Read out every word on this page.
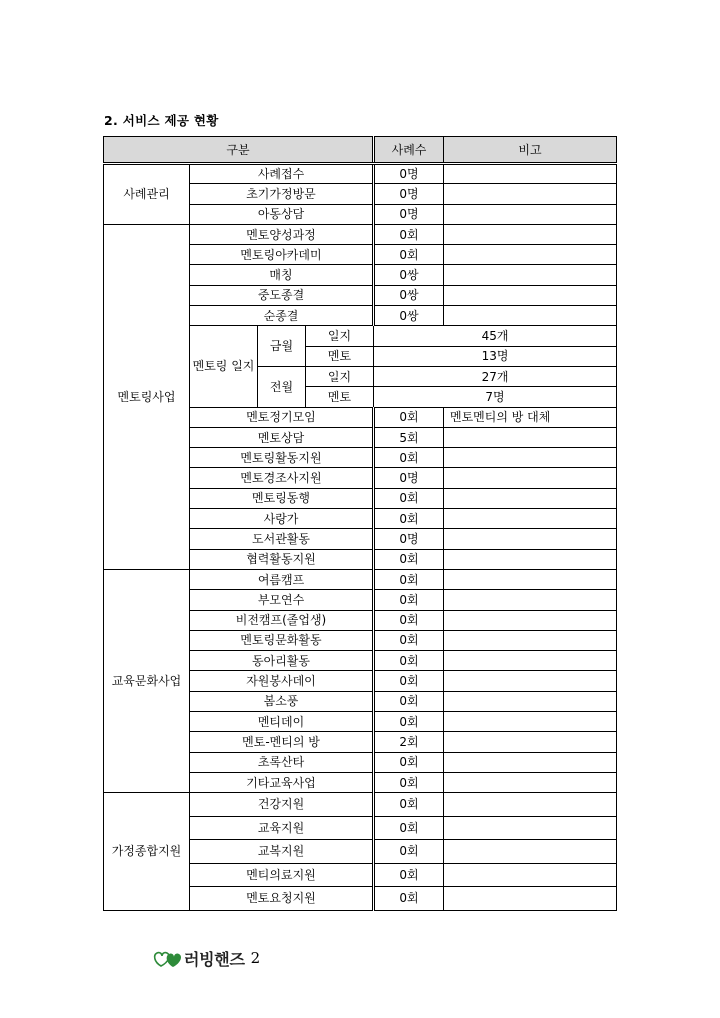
2. 서비스 제공 현황
구분				사례수	비고	
사례관리	사례접수			0명		
	초기가정방문			0명		
	아동상담			0명		
멘토링사업	멘토양성과정			0회		
	멘토링아카데미			0회		
	매칭			0쌍		
	중도종결			0쌍		
	순종결			0쌍		
	멘토링 일지	금월	일지	45개		
			멘토	13명		
		전월	일지	27개		
			멘토	7명		
	멘토정기모임			0회	멘토멘티의 방 대체	
	멘토상담			5회		
	멘토링활동지원			0회		
	멘토경조사지원			0명		
	멘토링동행			0회		
	사랑가			0회		
	도서관활동			0명		
	협력활동지원			0회		
교육문화사업	여름캠프			0회		
	부모연수			0회		
	비전캠프(졸업생)			0회		
	멘토링문화활동			0회		
	동아리활동			0회		
	자원봉사데이			0회		
	봄소풍			0회		
	멘티데이			0회		
	멘토-멘티의 방			2회		
	초록산타			0회		
	기타교육사업			0회		
가정종합지원	건강지원			0회		
	교육지원			0회		
	교복지원			0회		
	멘티의료지원			0회		
	멘토요청지원			0회		
러빙핸즈 2
